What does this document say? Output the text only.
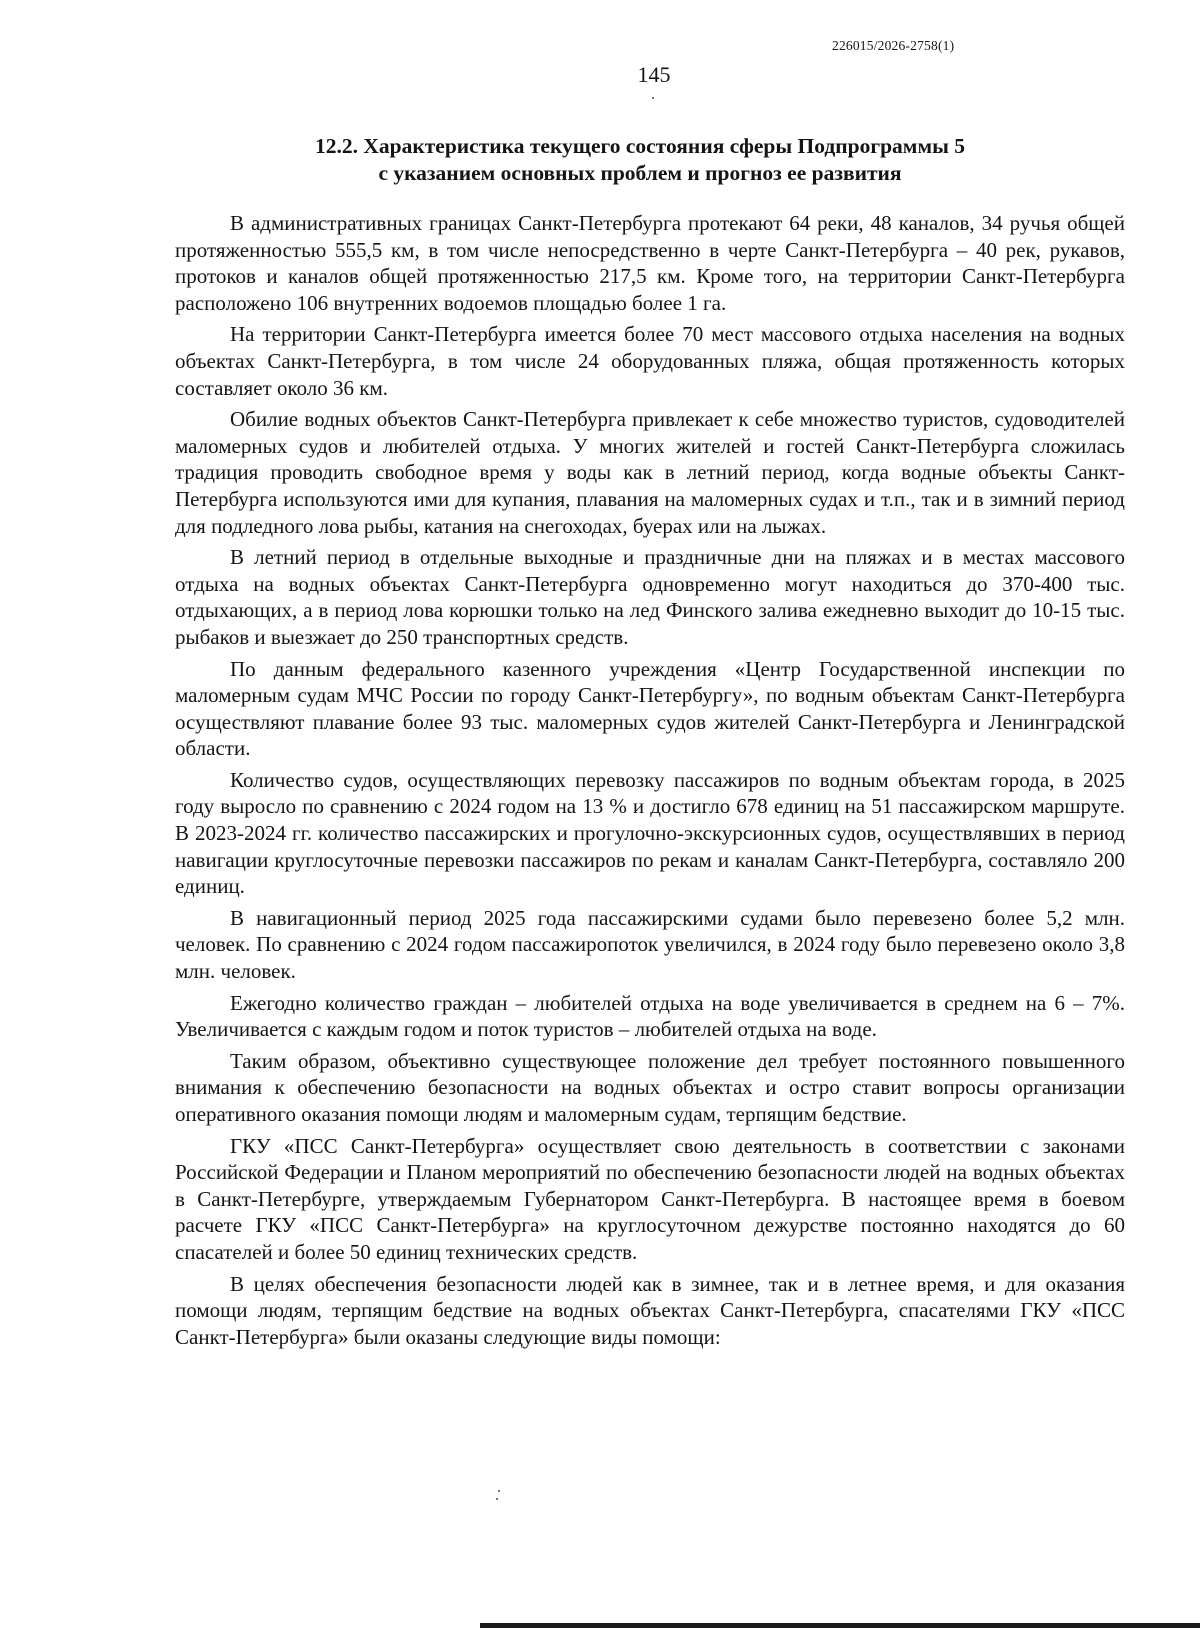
226015/2026-2758(1)
145
12.2. Характеристика текущего состояния сферы Подпрограммы 5
с указанием основных проблем и прогноз ее развития

В административных границах Санкт-Петербурга протекают 64 реки, 48 каналов, 34 ручья общей протяженностью 555,5 км, в том числе непосредственно в черте Санкт-Петербурга – 40 рек, рукавов, протоков и каналов общей протяженностью 217,5 км. Кроме того, на территории Санкт-Петербурга расположено 106 внутренних водоемов площадью более 1 га.

На территории Санкт-Петербурга имеется более 70 мест массового отдыха населения на водных объектах Санкт-Петербурга, в том числе 24 оборудованных пляжа, общая протяженность которых составляет около 36 км.

Обилие водных объектов Санкт-Петербурга привлекает к себе множество туристов, судоводителей маломерных судов и любителей отдыха. У многих жителей и гостей Санкт-Петербурга сложилась традиция проводить свободное время у воды как в летний период, когда водные объекты Санкт-Петербурга используются ими для купания, плавания на маломерных судах и т.п., так и в зимний период для подледного лова рыбы, катания на снегоходах, буерах или на лыжах.

В летний период в отдельные выходные и праздничные дни на пляжах и в местах массового отдыха на водных объектах Санкт-Петербурга одновременно могут находиться до 370-400 тыс. отдыхающих, а в период лова корюшки только на лед Финского залива ежедневно выходит до 10-15 тыс. рыбаков и выезжает до 250 транспортных средств.

По данным федерального казенного учреждения «Центр Государственной инспекции по маломерным судам МЧС России по городу Санкт-Петербургу», по водным объектам Санкт-Петербурга осуществляют плавание более 93 тыс. маломерных судов жителей Санкт-Петербурга и Ленинградской области.

Количество судов, осуществляющих перевозку пассажиров по водным объектам города, в 2025 году выросло по сравнению с 2024 годом на 13 % и достигло 678 единиц на 51 пассажирском маршруте. В 2023-2024 гг. количество пассажирских и прогулочно-экскурсионных судов, осуществлявших в период навигации круглосуточные перевозки пассажиров по рекам и каналам Санкт-Петербурга, составляло 200 единиц.

В навигационный период 2025 года пассажирскими судами было перевезено более 5,2 млн. человек. По сравнению с 2024 годом пассажиропоток увеличился, в 2024 году было перевезено около 3,8 млн. человек.

Ежегодно количество граждан – любителей отдыха на воде увеличивается в среднем на 6 – 7%. Увеличивается с каждым годом и поток туристов – любителей отдыха на воде.

Таким образом, объективно существующее положение дел требует постоянного повышенного внимания к обеспечению безопасности на водных объектах и остро ставит вопросы организации оперативного оказания помощи людям и маломерным судам, терпящим бедствие.

ГКУ «ПСС Санкт-Петербурга» осуществляет свою деятельность в соответствии с законами Российской Федерации и Планом мероприятий по обеспечению безопасности людей на водных объектах в Санкт-Петербурге, утверждаемым Губернатором Санкт-Петербурга. В настоящее время в боевом расчете ГКУ «ПСС Санкт-Петербурга» на круглосуточном дежурстве постоянно находятся до 60 спасателей и более 50 единиц технических средств.

В целях обеспечения безопасности людей как в зимнее, так и в летнее время, и для оказания помощи людям, терпящим бедствие на водных объектах Санкт-Петербурга, спасателями ГКУ «ПСС Санкт-Петербурга» были оказаны следующие виды помощи:
